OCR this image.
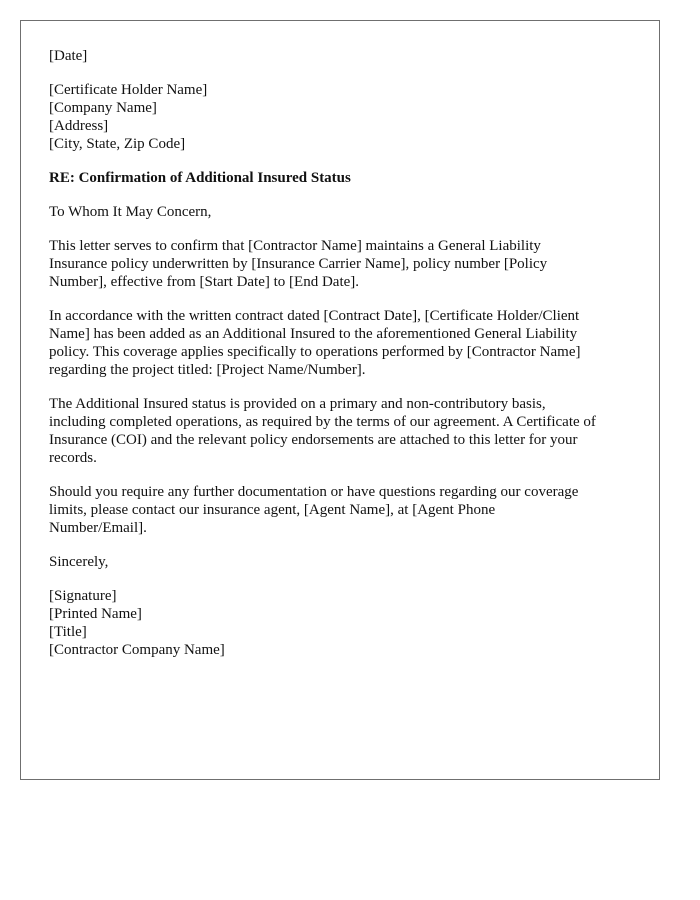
[Date]
[Certificate Holder Name]
[Company Name]
[Address]
[City, State, Zip Code]
RE: Confirmation of Additional Insured Status
To Whom It May Concern,
This letter serves to confirm that [Contractor Name] maintains a General Liability
Insurance policy underwritten by [Insurance Carrier Name], policy number [Policy
Number], effective from [Start Date] to [End Date].
In accordance with the written contract dated [Contract Date], [Certificate Holder/Client
Name] has been added as an Additional Insured to the aforementioned General Liability
policy. This coverage applies specifically to operations performed by [Contractor Name]
regarding the project titled: [Project Name/Number].
The Additional Insured status is provided on a primary and non-contributory basis,
including completed operations, as required by the terms of our agreement. A Certificate of
Insurance (COI) and the relevant policy endorsements are attached to this letter for your
records.
Should you require any further documentation or have questions regarding our coverage
limits, please contact our insurance agent, [Agent Name], at [Agent Phone
Number/Email].
Sincerely,
[Signature]
[Printed Name]
[Title]
[Contractor Company Name]
